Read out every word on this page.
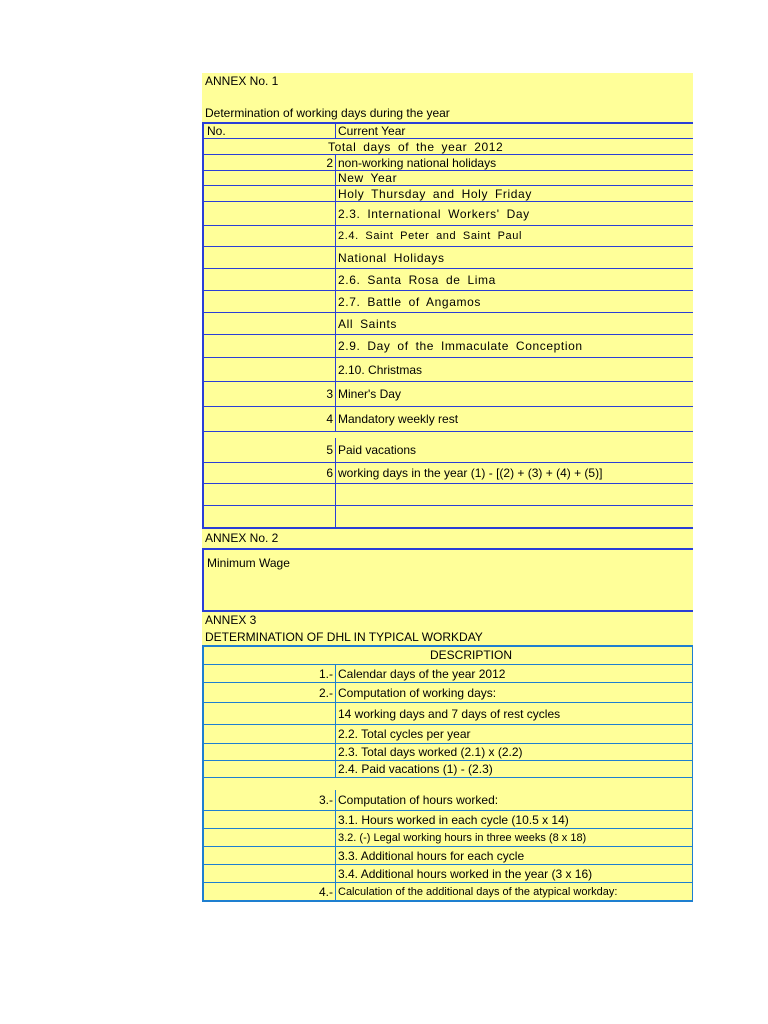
ANNEX No. 1
Determination of working days during the year
No.	Current Year
Total days of the year 2012
2 non-working national holidays
New Year
Holy Thursday and Holy Friday
2.3. International Workers' Day
2.4. Saint Peter and Saint Paul
National Holidays
2.6. Santa Rosa de Lima
2.7. Battle of Angamos
All Saints
2.9. Day of the Immaculate Conception
2.10. Christmas
3 Miner's Day
4 Mandatory weekly rest
5 Paid vacations
6 working days in the year (1) - [(2) + (3) + (4) + (5)]
ANNEX No. 2
Minimum Wage
ANNEX 3
DETERMINATION OF DHL IN TYPICAL WORKDAY
DESCRIPTION
1.- Calendar days of the year 2012
2.- Computation of working days:
14 working days and 7 days of rest cycles
2.2. Total cycles per year
2.3. Total days worked (2.1) x (2.2)
2.4. Paid vacations (1) - (2.3)
3.- Computation of hours worked:
3.1. Hours worked in each cycle (10.5 x 14)
3.2. (-) Legal working hours in three weeks (8 x 18)
3.3. Additional hours for each cycle
3.4. Additional hours worked in the year (3 x 16)
4.- Calculation of the additional days of the atypical workday:
